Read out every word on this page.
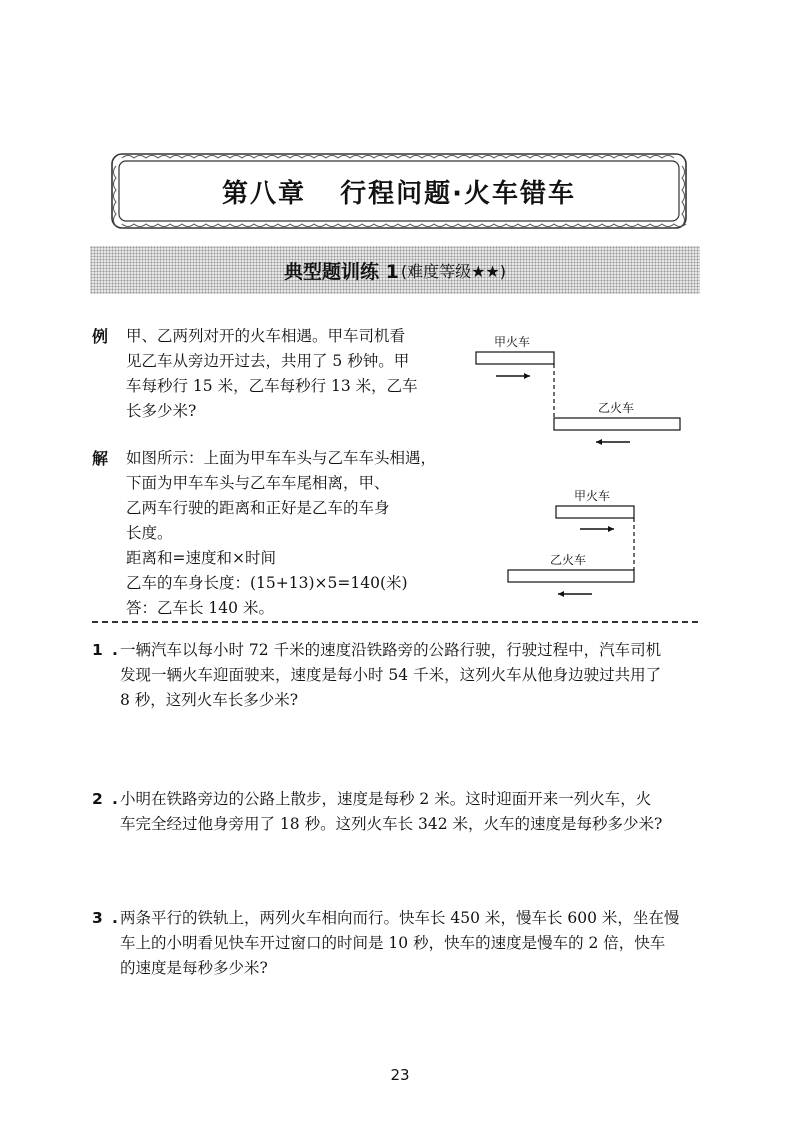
第八章 行程问题·火车错车
典型题训练 1 (难度等级★★)
例	甲、乙两列对开的火车相遇。甲车司机看
见乙车从旁边开过去，共用了 5 秒钟。甲
车每秒行 15 米，乙车每秒行 13 米，乙车
长多少米?
解	如图所示：上面为甲车车头与乙车车头相遇，
下面为甲车车头与乙车车尾相离，甲、
乙两车行驶的距离和正好是乙车的车身
长度。
距离和=速度和×时间
乙车的车身长度：(15+13)×5=140(米)
答：乙车长 140 米。
甲火车
乙火车
甲火车
乙火车
1 . 一辆汽车以每小时 72 千米的速度沿铁路旁的公路行驶，行驶过程中，汽车司机
发现一辆火车迎面驶来，速度是每小时 54 千米，这列火车从他身边驶过共用了
8 秒，这列火车长多少米?
2 . 小明在铁路旁边的公路上散步，速度是每秒 2 米。这时迎面开来一列火车，火
车完全经过他身旁用了 18 秒。这列火车长 342 米，火车的速度是每秒多少米?
3 . 两条平行的铁轨上，两列火车相向而行。快车长 450 米，慢车长 600 米，坐在慢
车上的小明看见快车开过窗口的时间是 10 秒，快车的速度是慢车的 2 倍，快车
的速度是每秒多少米?
23
